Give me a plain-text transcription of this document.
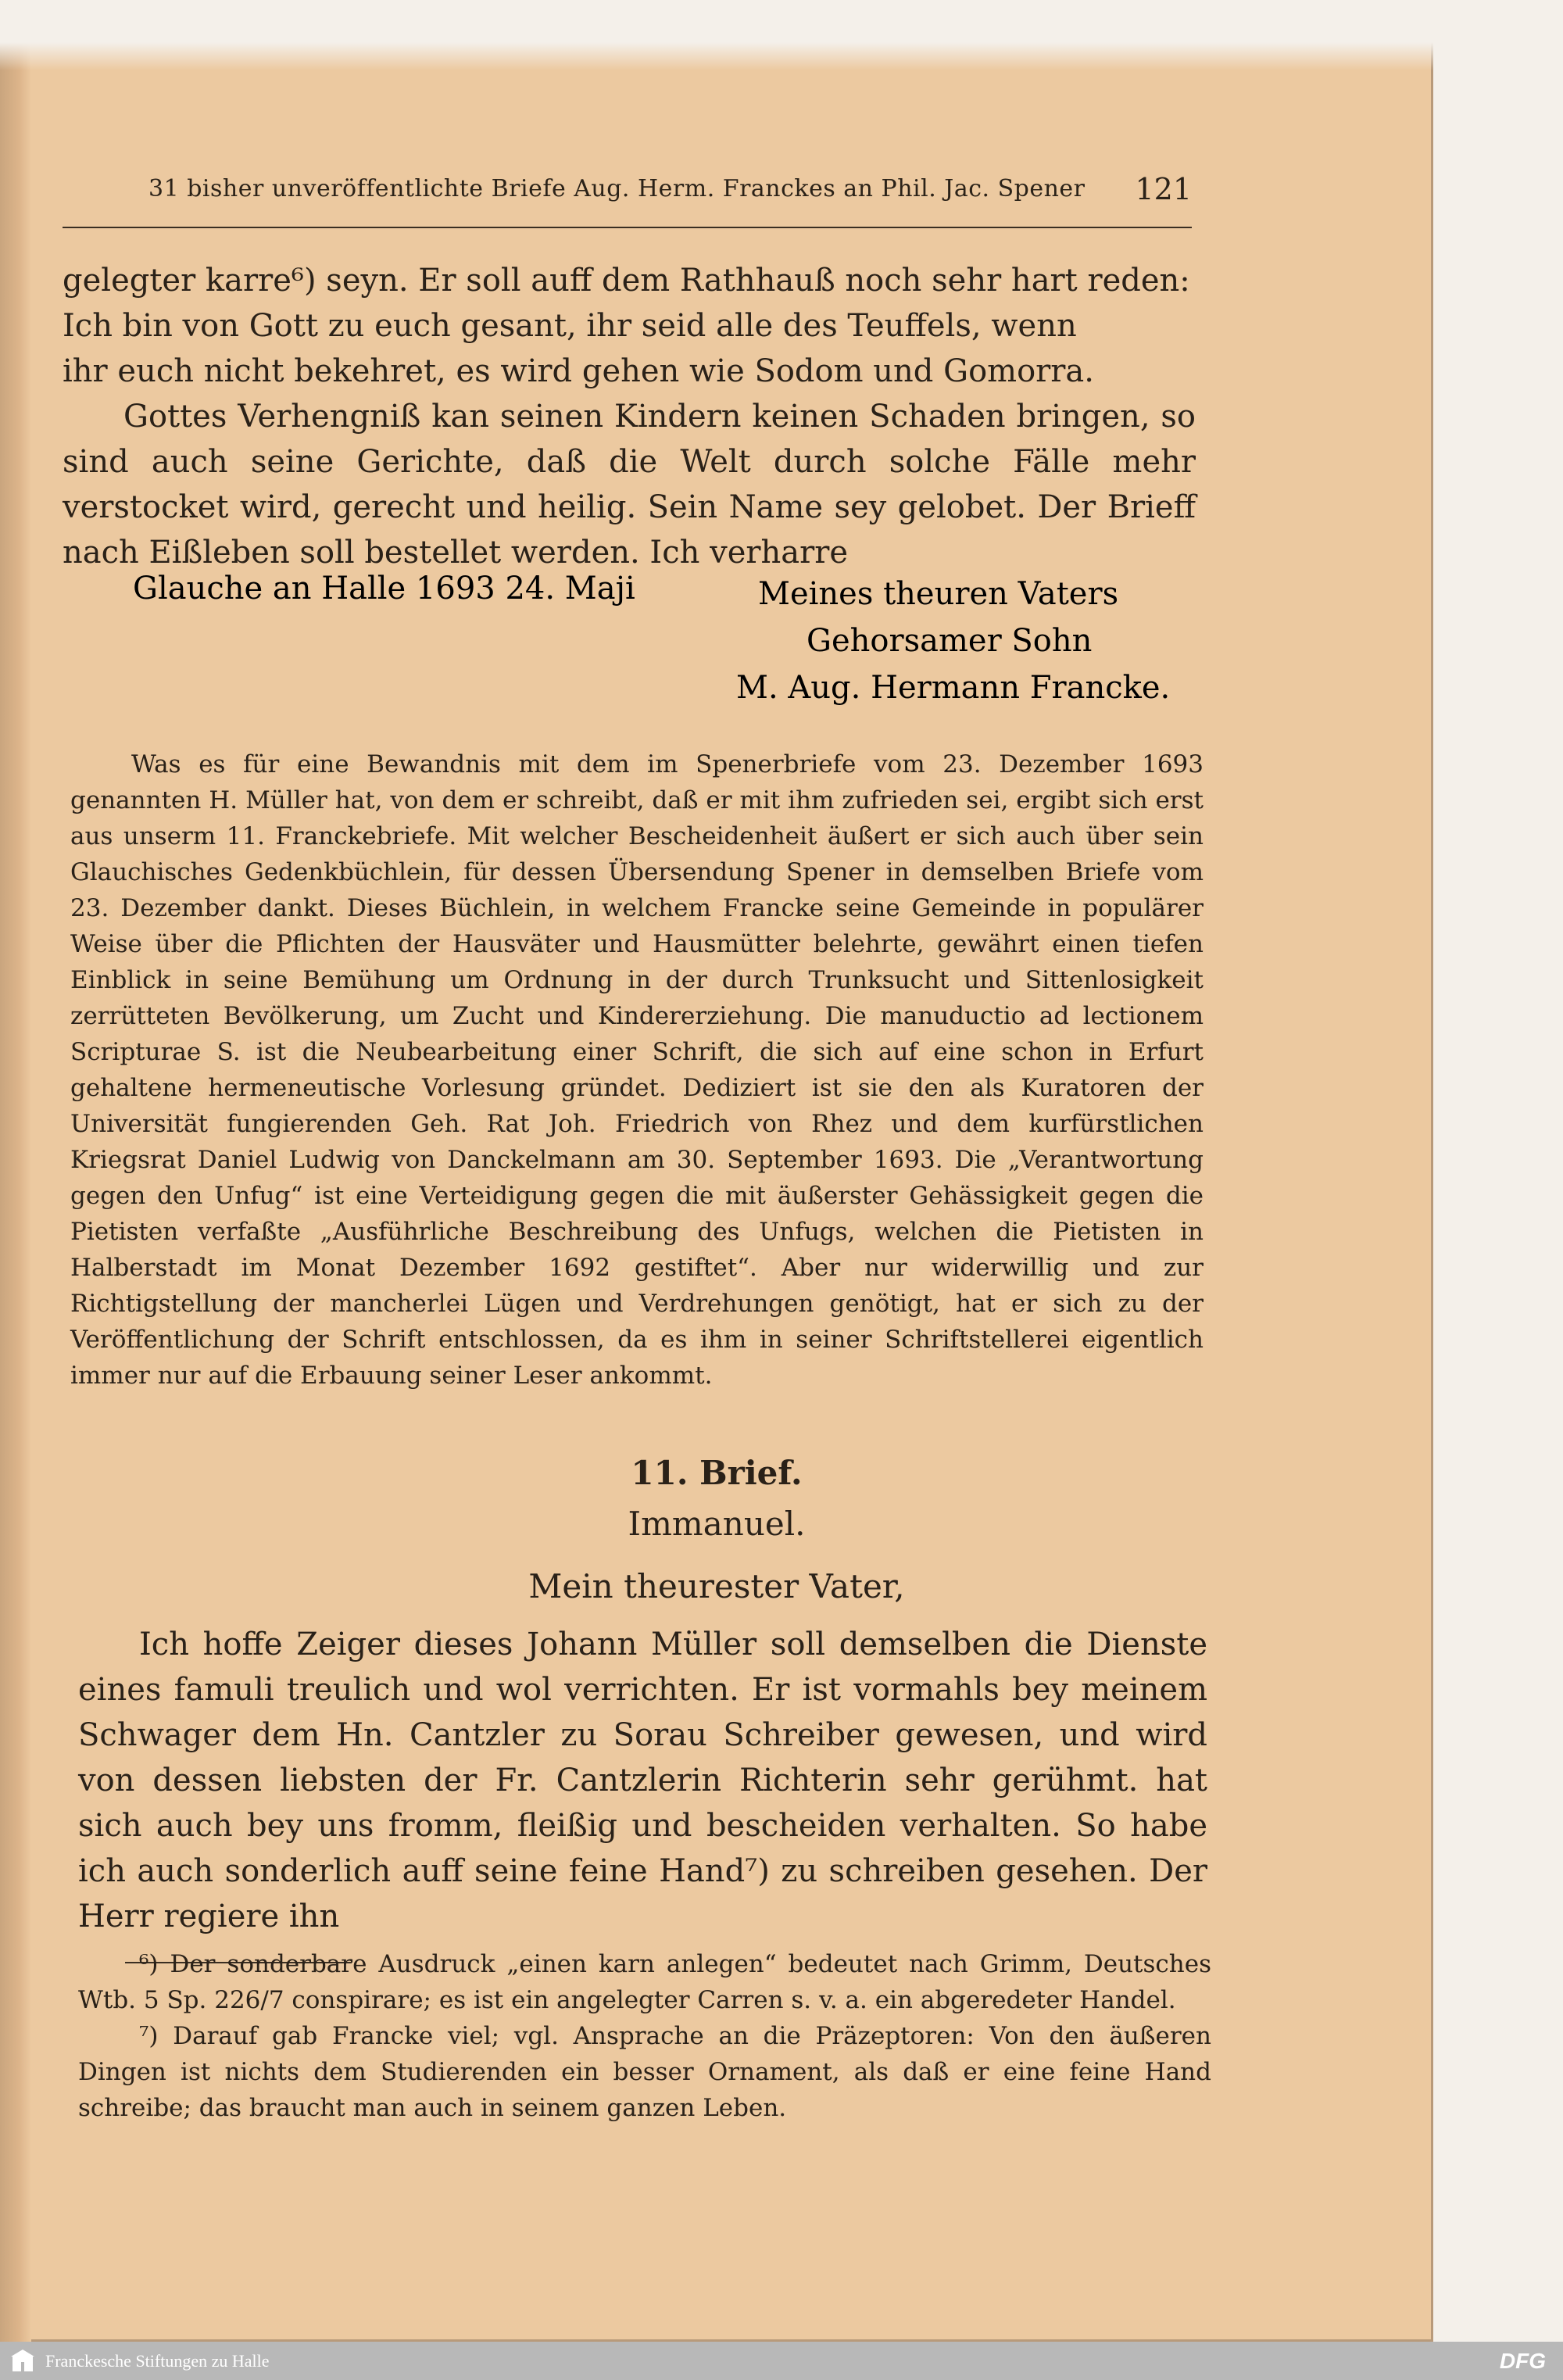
31 bisher unveröffentlichte Briefe Aug. Herm. Franckes an Phil. Jac. Spener 121

gelegter karre⁶) seyn. Er soll auff dem Rathhauß noch sehr hart reden:

Ich bin von Gott zu euch gesant, ihr seid alle des Teuffels, wenn

ihr euch nicht bekehret, es wird gehen wie Sodom und Gomorra.

Gottes Verhengniß kan seinen Kindern keinen Schaden bringen, so sind auch seine Gerichte, daß die Welt durch solche Fälle mehr verstocket wird, gerecht und heilig. Sein Name sey gelobet. Der Brieff nach Eißleben soll bestellet werden. Ich verharre

Glauche an Halle 1693 24. Maji	Meines theuren Vaters
Gehorsamer Sohn
M. Aug. Hermann Francke.
Was es für eine Bewandnis mit dem im Spenerbriefe vom 23. Dezember 1693 genannten H. Müller hat, von dem er schreibt, daß er mit ihm zufrieden sei, ergibt sich erst aus unserm 11. Franckebriefe. Mit welcher Bescheidenheit äußert er sich auch über sein Glauchisches Gedenkbüchlein, für dessen Übersendung Spener in demselben Briefe vom 23. Dezember dankt. Dieses Büchlein, in welchem Francke seine Gemeinde in populärer Weise über die Pflichten der Hausväter und Hausmütter belehrte, gewährt einen tiefen Einblick in seine Bemühung um Ordnung in der durch Trunksucht und Sittenlosigkeit zerrütteten Bevölkerung, um Zucht und Kindererziehung. Die manuductio ad lectionem Scripturae S. ist die Neubearbeitung einer Schrift, die sich auf eine schon in Erfurt gehaltene hermeneutische Vorlesung gründet. Dediziert ist sie den als Kuratoren der Universität fungierenden Geh. Rat Joh. Friedrich von Rhez und dem kurfürstlichen Kriegsrat Daniel Ludwig von Danckelmann am 30. September 1693. Die „Verantwortung gegen den Unfug“ ist eine Verteidigung gegen die mit äußerster Gehässigkeit gegen die Pietisten verfaßte „Ausführliche Beschreibung des Unfugs, welchen die Pietisten in Halberstadt im Monat Dezember 1692 gestiftet“. Aber nur widerwillig und zur Richtigstellung der mancherlei Lügen und Verdrehungen genötigt, hat er sich zu der Veröffentlichung der Schrift entschlossen, da es ihm in seiner Schriftstellerei eigentlich immer nur auf die Erbauung seiner Leser ankommt.
11. Brief.
Immanuel.
Mein theurester Vater,
Ich hoffe Zeiger dieses Johann Müller soll demselben die Dienste eines famuli treulich und wol verrichten. Er ist vormahls bey meinem Schwager dem Hn. Cantzler zu Sorau Schreiber gewesen, und wird von dessen liebsten der Fr. Cantzlerin Richterin sehr gerühmt. hat sich auch bey uns fromm, fleißig und bescheiden verhalten. So habe ich auch sonderlich auff seine feine Hand⁷) zu schreiben gesehen. Der Herr regiere ihn

⁶) Der sonderbare Ausdruck „einen karn anlegen“ bedeutet nach Grimm, Deutsches Wtb. 5 Sp. 226/7 conspirare; es ist ein angelegter Carren s. v. a. ein abgeredeter Handel.

⁷) Darauf gab Francke viel; vgl. Ansprache an die Präzeptoren: Von den äußeren Dingen ist nichts dem Studierenden ein besser Ornament, als daß er eine feine Hand schreibe; das braucht man auch in seinem ganzen Leben.

Franckesche Stiftungen zu Halle	DFG
